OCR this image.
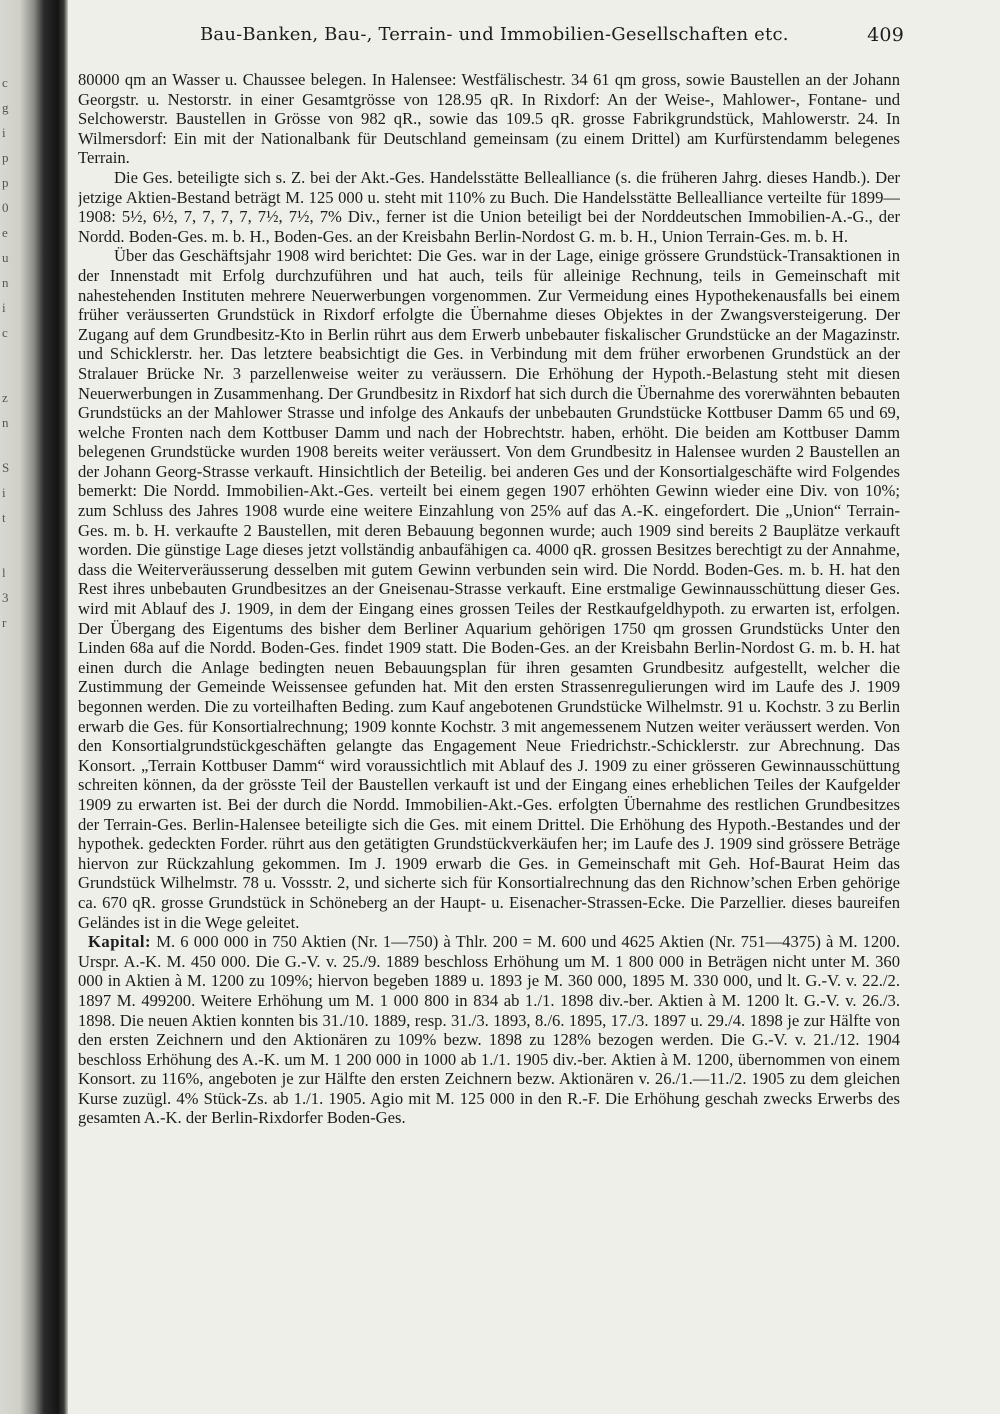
c
g
i
p
p
0
e
u
n
i
c
z
n
S
i
t
l
3
r
Bau-Banken, Bau-, Terrain- und Immobilien-Gesellschaften etc.	409

80000 qm an Wasser u. Chaussee belegen. In Halensee: Westfälischestr. 34 61 qm gross, sowie Baustellen an der Johann Georgstr. u. Nestorstr. in einer Gesamtgrösse von 128.95 qR. In Rixdorf: An der Weise-, Mahlower-, Fontane- und Selchowerstr. Baustellen in Grösse von 982 qR., sowie das 109.5 qR. grosse Fabrikgrundstück, Mahlowerstr. 24. In Wilmersdorf: Ein mit der Nationalbank für Deutschland gemeinsam (zu einem Drittel) am Kurfürstendamm belegenes Terrain.

Die Ges. beteiligte sich s. Z. bei der Akt.-Ges. Handelsstätte Bellealliance (s. die früheren Jahrg. dieses Handb.). Der jetzige Aktien-Bestand beträgt M. 125 000 u. steht mit 110% zu Buch. Die Handelsstätte Bellealliance verteilte für 1899—1908: 5½, 6½, 7, 7, 7, 7, 7½, 7½, 7% Div., ferner ist die Union beteiligt bei der Norddeutschen Immobilien-A.-G., der Nordd. Boden-Ges. m. b. H., Boden-Ges. an der Kreisbahn Berlin-Nordost G. m. b. H., Union Terrain-Ges. m. b. H.

Über das Geschäftsjahr 1908 wird berichtet: Die Ges. war in der Lage, einige grössere Grundstück-Transaktionen in der Innenstadt mit Erfolg durchzuführen und hat auch, teils für alleinige Rechnung, teils in Gemeinschaft mit nahestehenden Instituten mehrere Neuerwerbungen vorgenommen. Zur Vermeidung eines Hypothekenausfalls bei einem früher veräusserten Grundstück in Rixdorf erfolgte die Übernahme dieses Objektes in der Zwangsversteigerung. Der Zugang auf dem Grundbesitz-Kto in Berlin rührt aus dem Erwerb unbebauter fiskalischer Grundstücke an der Magazinstr. und Schicklerstr. her. Das letztere beabsichtigt die Ges. in Verbindung mit dem früher erworbenen Grundstück an der Stralauer Brücke Nr. 3 parzellenweise weiter zu veräussern. Die Erhöhung der Hypoth.-Belastung steht mit diesen Neuerwerbungen in Zusammenhang. Der Grundbesitz in Rixdorf hat sich durch die Übernahme des vorerwähnten bebauten Grundstücks an der Mahlower Strasse und infolge des Ankaufs der unbebauten Grundstücke Kottbuser Damm 65 und 69, welche Fronten nach dem Kottbuser Damm und nach der Hobrechtstr. haben, erhöht. Die beiden am Kottbuser Damm belegenen Grundstücke wurden 1908 bereits weiter veräussert. Von dem Grundbesitz in Halensee wurden 2 Baustellen an der Johann Georg-Strasse verkauft. Hinsichtlich der Beteilig. bei anderen Ges und der Konsortialgeschäfte wird Folgendes bemerkt: Die Nordd. Immobilien-Akt.-Ges. verteilt bei einem gegen 1907 erhöhten Gewinn wieder eine Div. von 10%; zum Schluss des Jahres 1908 wurde eine weitere Einzahlung von 25% auf das A.-K. eingefordert. Die „Union“ Terrain-Ges. m. b. H. verkaufte 2 Baustellen, mit deren Bebauung begonnen wurde; auch 1909 sind bereits 2 Bauplätze verkauft worden. Die günstige Lage dieses jetzt vollständig anbaufähigen ca. 4000 qR. grossen Besitzes berechtigt zu der Annahme, dass die Weiterveräusserung desselben mit gutem Gewinn verbunden sein wird. Die Nordd. Boden-Ges. m. b. H. hat den Rest ihres unbebauten Grundbesitzes an der Gneisenau-Strasse verkauft. Eine erstmalige Gewinnausschüttung dieser Ges. wird mit Ablauf des J. 1909, in dem der Eingang eines grossen Teiles der Restkaufgeldhypoth. zu erwarten ist, erfolgen. Der Übergang des Eigentums des bisher dem Berliner Aquarium gehörigen 1750 qm grossen Grundstücks Unter den Linden 68a auf die Nordd. Boden-Ges. findet 1909 statt. Die Boden-Ges. an der Kreisbahn Berlin-Nordost G. m. b. H. hat einen durch die Anlage bedingten neuen Bebauungsplan für ihren gesamten Grundbesitz aufgestellt, welcher die Zustimmung der Gemeinde Weissensee gefunden hat. Mit den ersten Strassenregulierungen wird im Laufe des J. 1909 begonnen werden. Die zu vorteilhaften Beding. zum Kauf angebotenen Grundstücke Wilhelmstr. 91 u. Kochstr. 3 zu Berlin erwarb die Ges. für Konsortialrechnung; 1909 konnte Kochstr. 3 mit angemessenem Nutzen weiter veräussert werden. Von den Konsortialgrundstückgeschäften gelangte das Engagement Neue Friedrichstr.-Schicklerstr. zur Abrechnung. Das Konsort. „Terrain Kottbuser Damm“ wird voraussichtlich mit Ablauf des J. 1909 zu einer grösseren Gewinnausschüttung schreiten können, da der grösste Teil der Baustellen verkauft ist und der Eingang eines erheblichen Teiles der Kaufgelder 1909 zu erwarten ist. Bei der durch die Nordd. Immobilien-Akt.-Ges. erfolgten Übernahme des restlichen Grundbesitzes der Terrain-Ges. Berlin-Halensee beteiligte sich die Ges. mit einem Drittel. Die Erhöhung des Hypoth.-Bestandes und der hypothek. gedeckten Forder. rührt aus den getätigten Grundstückverkäufen her; im Laufe des J. 1909 sind grössere Beträge hiervon zur Rückzahlung gekommen. Im J. 1909 erwarb die Ges. in Gemeinschaft mit Geh. Hof-Baurat Heim das Grundstück Wilhelmstr. 78 u. Vossstr. 2, und sicherte sich für Konsortialrechnung das den Richnow’schen Erben gehörige ca. 670 qR. grosse Grundstück in Schöneberg an der Haupt- u. Eisenacher-Strassen-Ecke. Die Parzellier. dieses baureifen Geländes ist in die Wege geleitet.

Kapital: M. 6 000 000 in 750 Aktien (Nr. 1—750) à Thlr. 200 = M. 600 und 4625 Aktien (Nr. 751—4375) à M. 1200. Urspr. A.-K. M. 450 000. Die G.-V. v. 25./9. 1889 beschloss Erhöhung um M. 1 800 000 in Beträgen nicht unter M. 360 000 in Aktien à M. 1200 zu 109%; hiervon begeben 1889 u. 1893 je M. 360 000, 1895 M. 330 000, und lt. G.-V. v. 22./2. 1897 M. 499200. Weitere Erhöhung um M. 1 000 800 in 834 ab 1./1. 1898 div.-ber. Aktien à M. 1200 lt. G.-V. v. 26./3. 1898. Die neuen Aktien konnten bis 31./10. 1889, resp. 31./3. 1893, 8./6. 1895, 17./3. 1897 u. 29./4. 1898 je zur Hälfte von den ersten Zeichnern und den Aktionären zu 109% bezw. 1898 zu 128% bezogen werden. Die G.-V. v. 21./12. 1904 beschloss Erhöhung des A.-K. um M. 1 200 000 in 1000 ab 1./1. 1905 div.-ber. Aktien à M. 1200, übernommen von einem Konsort. zu 116%, angeboten je zur Hälfte den ersten Zeichnern bezw. Aktionären v. 26./1.—11./2. 1905 zu dem gleichen Kurse zuzügl. 4% Stück-Zs. ab 1./1. 1905. Agio mit M. 125 000 in den R.-F. Die Erhöhung geschah zwecks Erwerbs des gesamten A.-K. der Berlin-Rixdorfer Boden-Ges.
